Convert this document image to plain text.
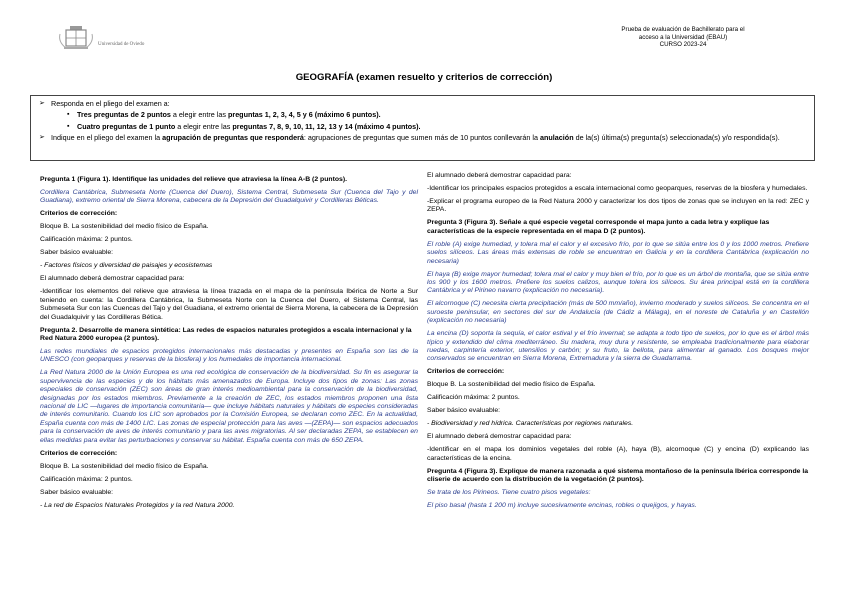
Universidad de Oviedo
Prueba de evaluación de Bachillerato para el
acceso a la Universidad (EBAU)
CURSO 2023-24
GEOGRAFÍA (examen resuelto y criterios de corrección)
➢ Responda en el pliego del examen a:
▪ Tres preguntas de 2 puntos a elegir entre las preguntas 1, 2, 3, 4, 5 y 6 (máximo 6 puntos).
▪ Cuatro preguntas de 1 punto a elegir entre las preguntas 7, 8, 9, 10, 11, 12, 13 y 14 (máximo 4 puntos).
➢ Indique en el pliego del examen la agrupación de preguntas que responderá: agrupaciones de preguntas que sumen más de 10 puntos conllevarán la anulación de la(s) última(s) pregunta(s) seleccionada(s) y/o respondida(s).

Pregunta 1 (Figura 1). Identifique las unidades del relieve que atraviesa la línea A-B (2 puntos).

Cordillera Cantábrica, Submeseta Norte (Cuenca del Duero), Sistema Central, Submeseta Sur (Cuenca del Tajo y del Guadiana), extremo oriental de Sierra Morena, cabecera de la Depresión del Guadalquivir y Cordilleras Béticas.

Criterios de corrección:

Bloque B. La sostenibilidad del medio físico de España.

Calificación máxima: 2 puntos.

Saber básico evaluable:

- Factores físicos y diversidad de paisajes y ecosistemas

El alumnado deberá demostrar capacidad para:

-Identificar los elementos del relieve que atraviesa la línea trazada en el mapa de la península Ibérica de Norte a Sur teniendo en cuenta: la Cordillera Cantábrica, la Submeseta Norte con la Cuenca del Duero, el Sistema Central, las Submeseta Sur con las Cuencas del Tajo y del Guadiana, el extremo oriental de Sierra Morena, la cabecera de la Depresión del Guadalquivir y las Cordilleras Bética.

Pregunta 2. Desarrolle de manera sintética: Las redes de espacios naturales protegidos a escala internacional y la Red Natura 2000 europea (2 puntos).

Las redes mundiales de espacios protegidos internacionales más destacadas y presentes en España son las de la UNESCO (con geoparques y reservas de la biosfera) y los humedales de importancia internacional.

La Red Natura 2000 de la Unión Europea es una red ecológica de conservación de la biodiversidad. Su fin es asegurar la supervivencia de las especies y de los hábitats más amenazados de Europa. Incluye dos tipos de zonas: Las zonas especiales de conservación (ZEC) son áreas de gran interés medioambiental para la conservación de la biodiversidad, designadas por los estados miembros. Previamente a la creación de ZEC, los estados miembros proponen una lista nacional de LIC —lugares de importancia comunitaria— que incluye hábitats naturales y hábitats de especies consideradas de interés comunitario. Cuando los LIC son aprobados por la Comisión Europea, se declaran como ZEC. En la actualidad, España cuenta con más de 1400 LIC. Las zonas de especial protección para las aves —(ZEPA)— son espacios adecuados para la conservación de aves de interés comunitario y para las aves migratorias. Al ser declaradas ZEPA, se establecen en ellas medidas para evitar las perturbaciones y conservar su hábitat. España cuenta con más de 650 ZEPA.

Criterios de corrección:

Bloque B. La sostenibilidad del medio físico de España.

Calificación máxima: 2 puntos.

Saber básico evaluable:

- La red de Espacios Naturales Protegidos y la red Natura 2000.

El alumnado deberá demostrar capacidad para:

-Identificar los principales espacios protegidos a escala internacional como geoparques, reservas de la biosfera y humedales.

-Explicar el programa europeo de la Red Natura 2000 y caracterizar los dos tipos de zonas que se incluyen en la red: ZEC y ZEPA.

Pregunta 3 (Figura 3). Señale a qué especie vegetal corresponde el mapa junto a cada letra y explique las características de la especie representada en el mapa D (2 puntos).

El roble (A) exige humedad, y tolera mal el calor y el excesivo frío, por lo que se sitúa entre los 0 y los 1000 metros. Prefiere suelos silíceos. Las áreas más extensas de roble se encuentran en Galicia y en la cordillera Cantábrica (explicación no necesaria)

El haya (B) exige mayor humedad; tolera mal el calor y muy bien el frío, por lo que es un árbol de montaña, que se sitúa entre los 900 y los 1600 metros. Prefiere los suelos calizos, aunque tolera los silíceos. Su área principal está en la cordillera Cantábrica y el Pirineo navarro (explicación no necesaria).

El alcornoque (C) necesita cierta precipitación (más de 500 mm/año), invierno moderado y suelos silíceos. Se concentra en el suroeste peninsular, en sectores del sur de Andalucía (de Cádiz a Málaga), en el noreste de Cataluña y en Castellón (explicación no necesaria)

La encina (D) soporta la sequía, el calor estival y el frío invernal; se adapta a todo tipo de suelos, por lo que es el árbol más típico y extendido del clima mediterráneo. Su madera, muy dura y resistente, se empleaba tradicionalmente para elaborar ruedas, carpintería exterior, utensilios y carbón; y su fruto, la bellota, para alimentar al ganado. Los bosques mejor conservados se encuentran en Sierra Morena, Extremadura y la sierra de Guadarrama.

Criterios de corrección:

Bloque B. La sostenibilidad del medio físico de España.

Calificación máxima: 2 puntos.

Saber básico evaluable:

- Biodiversidad y red hídrica. Características por regiones naturales.

El alumnado deberá demostrar capacidad para:

-Identificar en el mapa los dominios vegetales del roble (A), haya (B), alcornoque (C) y encina (D) explicando las características de la encina.

Pregunta 4 (Figura 3). Explique de manera razonada a qué sistema montañoso de la península Ibérica corresponde la cliserie de acuerdo con la distribución de la vegetación (2 puntos).

Se trata de los Pirineos. Tiene cuatro pisos vegetales:

El piso basal (hasta 1 200 m) incluye sucesivamente encinas, robles o quejigos, y hayas.
